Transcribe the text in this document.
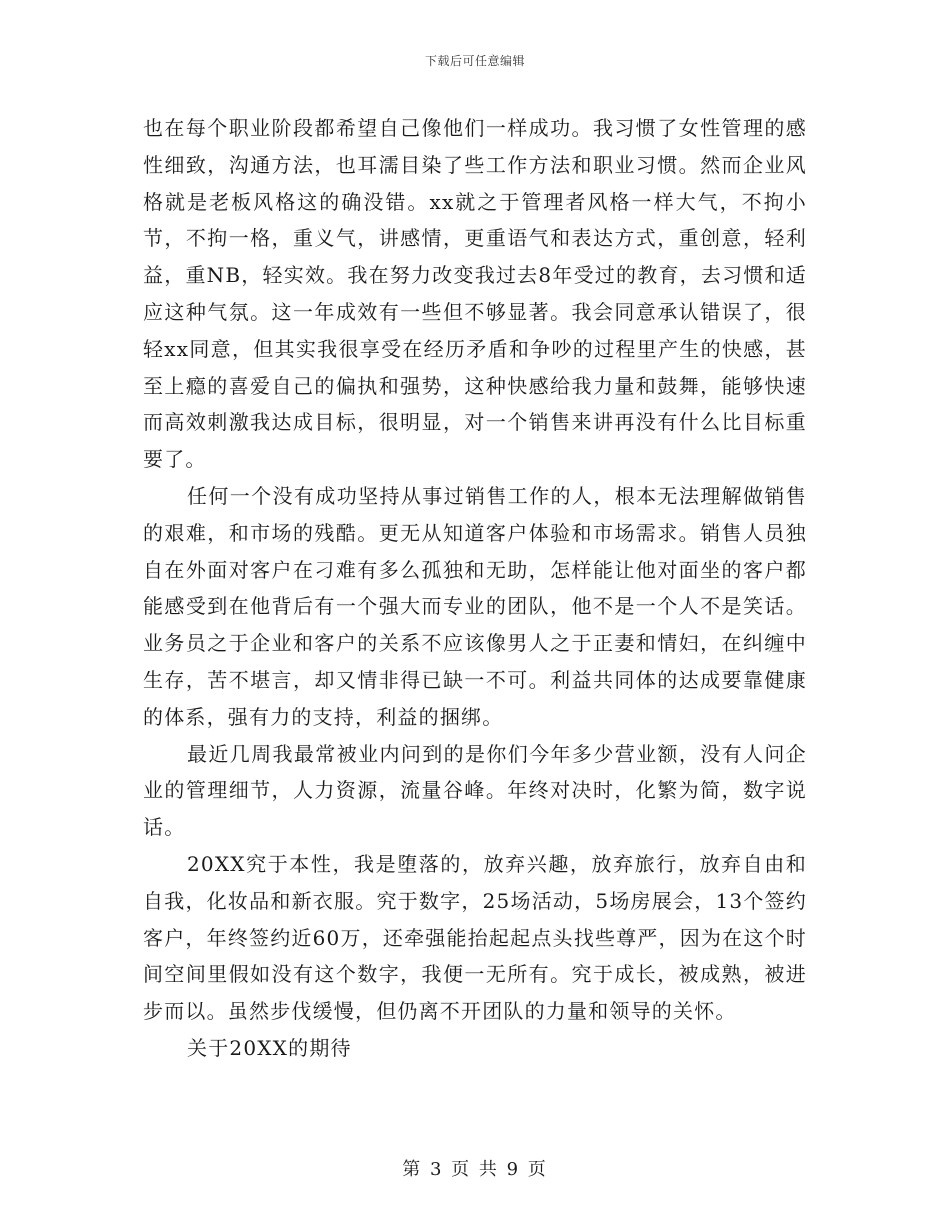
下载后可任意编辑

也在每个职业阶段都希望自己像他们一样成功。我习惯了女性管理的感性细致，沟通方法，也耳濡目染了些工作方法和职业习惯。然而企业风格就是老板风格这的确没错。xx就之于管理者风格一样大气，不拘小节，不拘一格，重义气，讲感情，更重语气和表达方式，重创意，轻利益，重NB，轻实效。我在努力改变我过去8年受过的教育，去习惯和适应这种气氛。这一年成效有一些但不够显著。我会同意承认错误了，很轻xx同意，但其实我很享受在经历矛盾和争吵的过程里产生的快感，甚至上瘾的喜爱自己的偏执和强势，这种快感给我力量和鼓舞，能够快速而高效刺激我达成目标，很明显，对一个销售来讲再没有什么比目标重要了。

任何一个没有成功坚持从事过销售工作的人，根本无法理解做销售的艰难，和市场的残酷。更无从知道客户体验和市场需求。销售人员独自在外面对客户在刁难有多么孤独和无助，怎样能让他对面坐的客户都能感受到在他背后有一个强大而专业的团队，他不是一个人不是笑话。业务员之于企业和客户的关系不应该像男人之于正妻和情妇，在纠缠中生存，苦不堪言，却又情非得已缺一不可。利益共同体的达成要靠健康的体系，强有力的支持，利益的捆绑。

最近几周我最常被业内问到的是你们今年多少营业额，没有人问企业的管理细节，人力资源，流量谷峰。年终对决时，化繁为简，数字说话。

20XX究于本性，我是堕落的，放弃兴趣，放弃旅行，放弃自由和自我，化妆品和新衣服。究于数字，25场活动，5场房展会，13个签约客户，年终签约近60万，还牵强能抬起起点头找些尊严，因为在这个时间空间里假如没有这个数字，我便一无所有。究于成长，被成熟，被进步而以。虽然步伐缓慢，但仍离不开团队的力量和领导的关怀。

关于20XX的期待

第 3 页 共 9 页
